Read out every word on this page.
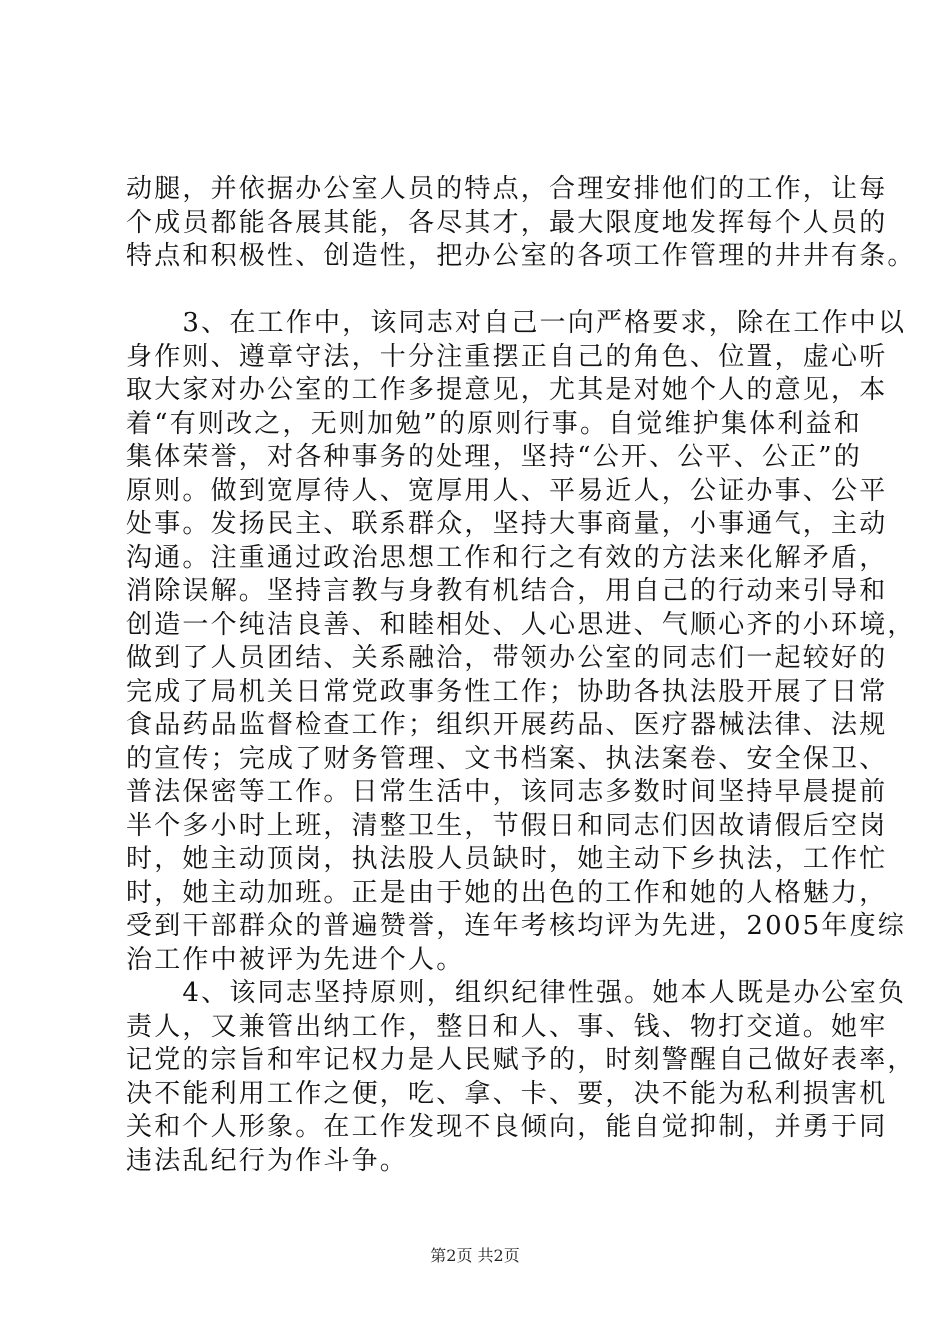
动腿，并依据办公室人员的特点，合理安排他们的工作，让每
个成员都能各展其能，各尽其才，最大限度地发挥每个人员的
特点和积极性、创造性，把办公室的各项工作管理的井井有条。
　　3、在工作中，该同志对自己一向严格要求，除在工作中以
身作则、遵章守法，十分注重摆正自己的角色、位置，虚心听
取大家对办公室的工作多提意见，尤其是对她个人的意见，本
着“有则改之，无则加勉”的原则行事。自觉维护集体利益和
集体荣誉，对各种事务的处理，坚持“公开、公平、公正”的
原则。做到宽厚待人、宽厚用人、平易近人，公证办事、公平
处事。发扬民主、联系群众，坚持大事商量，小事通气，主动
沟通。注重通过政治思想工作和行之有效的方法来化解矛盾，
消除误解。坚持言教与身教有机结合，用自己的行动来引导和
创造一个纯洁良善、和睦相处、人心思进、气顺心齐的小环境，
做到了人员团结、关系融洽，带领办公室的同志们一起较好的
完成了局机关日常党政事务性工作；协助各执法股开展了日常
食品药品监督检查工作；组织开展药品、医疗器械法律、法规
的宣传；完成了财务管理、文书档案、执法案卷、安全保卫、
普法保密等工作。日常生活中，该同志多数时间坚持早晨提前
半个多小时上班，清整卫生，节假日和同志们因故请假后空岗
时，她主动顶岗，执法股人员缺时，她主动下乡执法，工作忙
时，她主动加班。正是由于她的出色的工作和她的人格魅力，
受到干部群众的普遍赞誉，连年考核均评为先进，2005年度综
治工作中被评为先进个人。
　　4、该同志坚持原则，组织纪律性强。她本人既是办公室负
责人，又兼管出纳工作，整日和人、事、钱、物打交道。她牢
记党的宗旨和牢记权力是人民赋予的，时刻警醒自己做好表率，
决不能利用工作之便，吃、拿、卡、要，决不能为私利损害机
关和个人形象。在工作发现不良倾向，能自觉抑制，并勇于同
违法乱纪行为作斗争。
第2页 共2页
